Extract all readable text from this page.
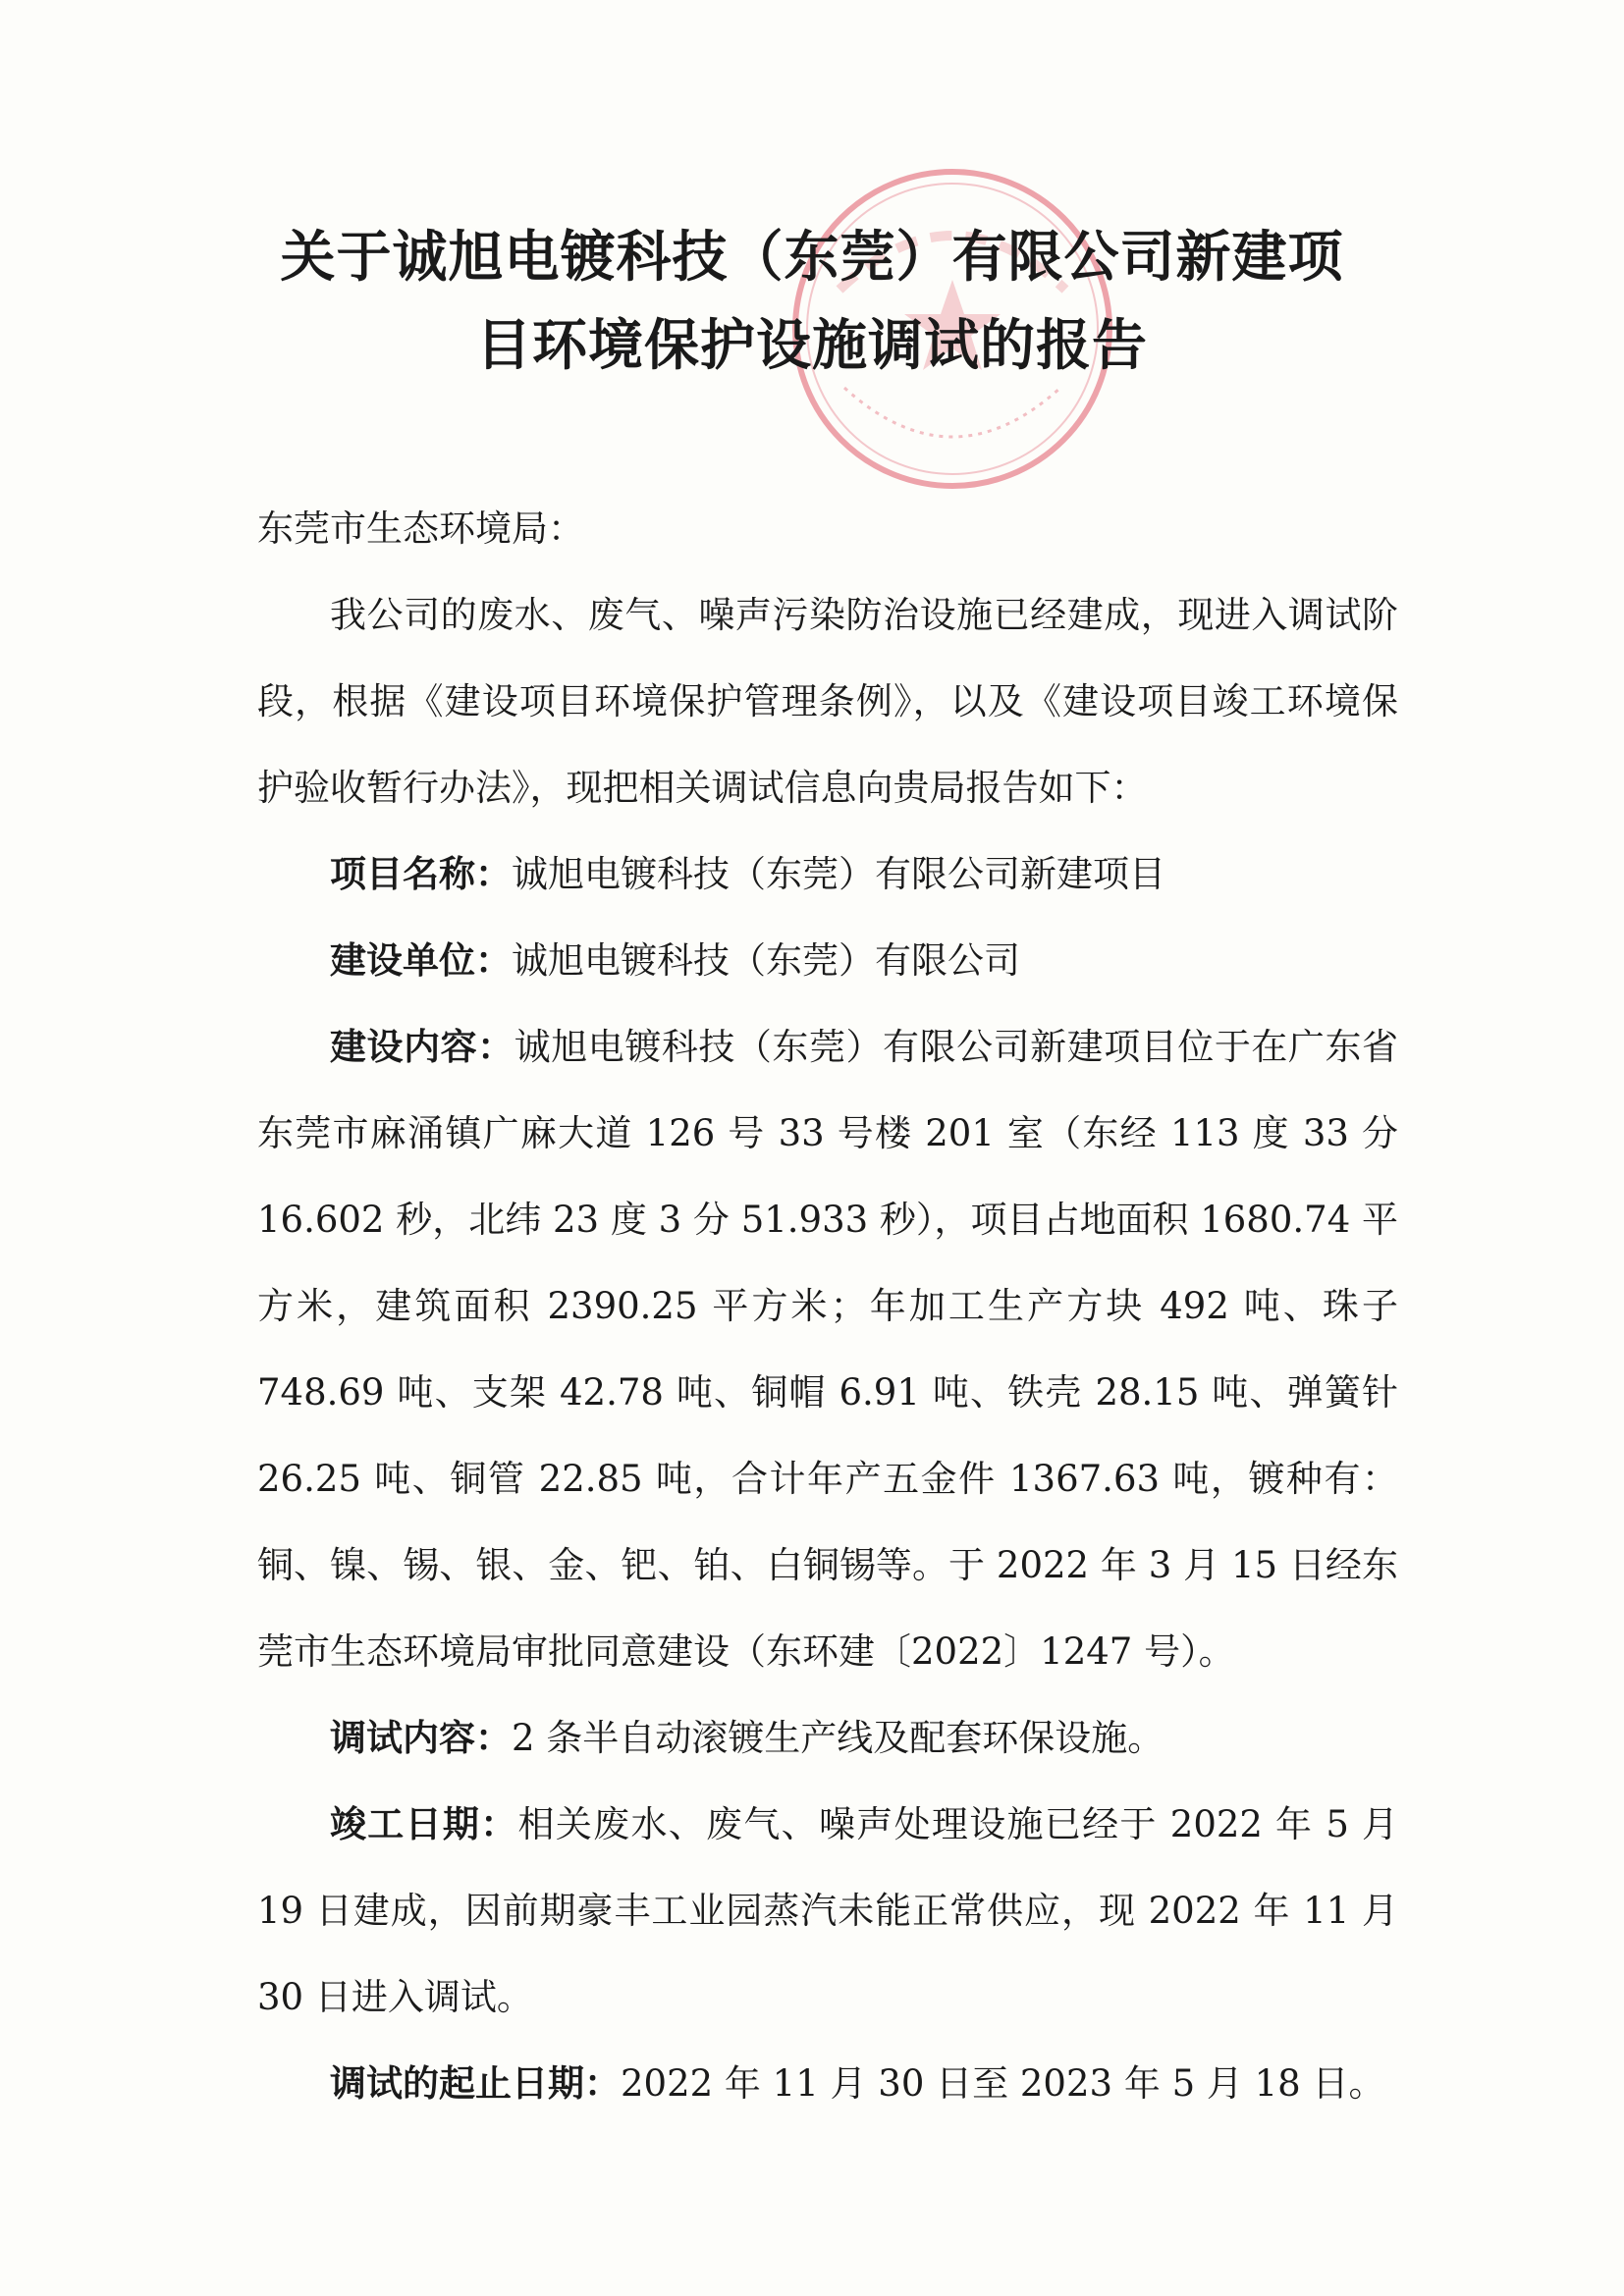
关于诚旭电镀科技（东莞）有限公司新建项
目环境保护设施调试的报告

东莞市生态环境局：

我公司的废水、废气、噪声污染防治设施已经建成，现进入调试阶段，根据《建设项目环境保护管理条例》，以及《建设项目竣工环境保护验收暂行办法》，现把相关调试信息向贵局报告如下：

项目名称：诚旭电镀科技（东莞）有限公司新建项目

建设单位：诚旭电镀科技（东莞）有限公司

建设内容：诚旭电镀科技（东莞）有限公司新建项目位于在广东省东莞市麻涌镇广麻大道 126 号 33 号楼 201 室（东经 113 度 33 分 16.602 秒，北纬 23 度 3 分 51.933 秒），项目占地面积 1680.74 平方米，建筑面积 2390.25 平方米；年加工生产方块 492 吨、珠子 748.69 吨、支架 42.78 吨、铜帽 6.91 吨、铁壳 28.15 吨、弹簧针 26.25 吨、铜管 22.85 吨，合计年产五金件 1367.63 吨，镀种有：铜、镍、锡、银、金、钯、铂、白铜锡等。于 2022 年 3 月 15 日经东莞市生态环境局审批同意建设（东环建〔2022〕1247 号）。

调试内容：2 条半自动滚镀生产线及配套环保设施。

竣工日期：相关废水、废气、噪声处理设施已经于 2022 年 5 月 19 日建成，因前期豪丰工业园蒸汽未能正常供应，现 2022 年 11 月 30 日进入调试。

调试的起止日期：2022 年 11 月 30 日至 2023 年 5 月 18 日。
